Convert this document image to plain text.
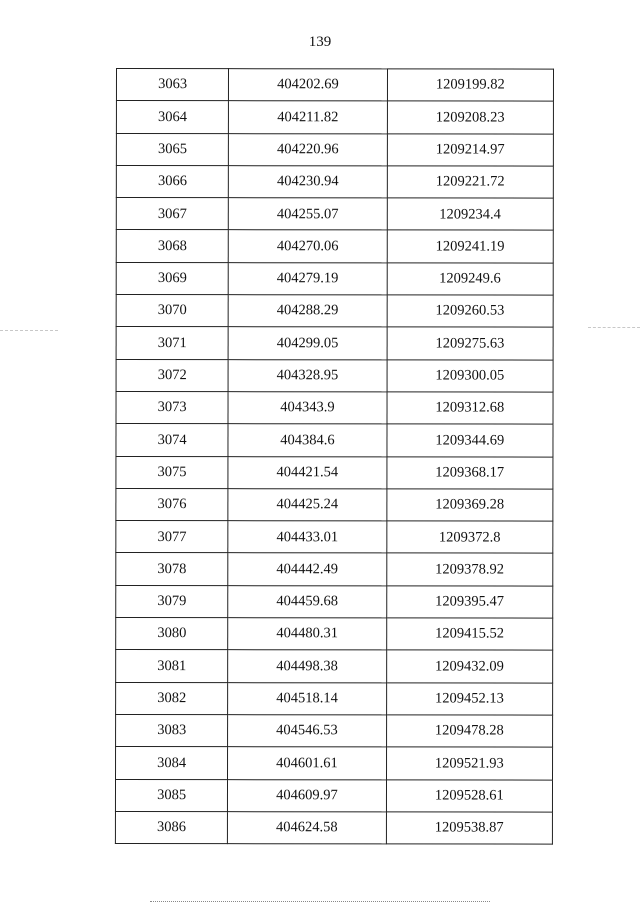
139
3063	404202.69	1209199.82
3064	404211.82	1209208.23
3065	404220.96	1209214.97
3066	404230.94	1209221.72
3067	404255.07	1209234.4
3068	404270.06	1209241.19
3069	404279.19	1209249.6
3070	404288.29	1209260.53
3071	404299.05	1209275.63
3072	404328.95	1209300.05
3073	404343.9	1209312.68
3074	404384.6	1209344.69
3075	404421.54	1209368.17
3076	404425.24	1209369.28
3077	404433.01	1209372.8
3078	404442.49	1209378.92
3079	404459.68	1209395.47
3080	404480.31	1209415.52
3081	404498.38	1209432.09
3082	404518.14	1209452.13
3083	404546.53	1209478.28
3084	404601.61	1209521.93
3085	404609.97	1209528.61
3086	404624.58	1209538.87
